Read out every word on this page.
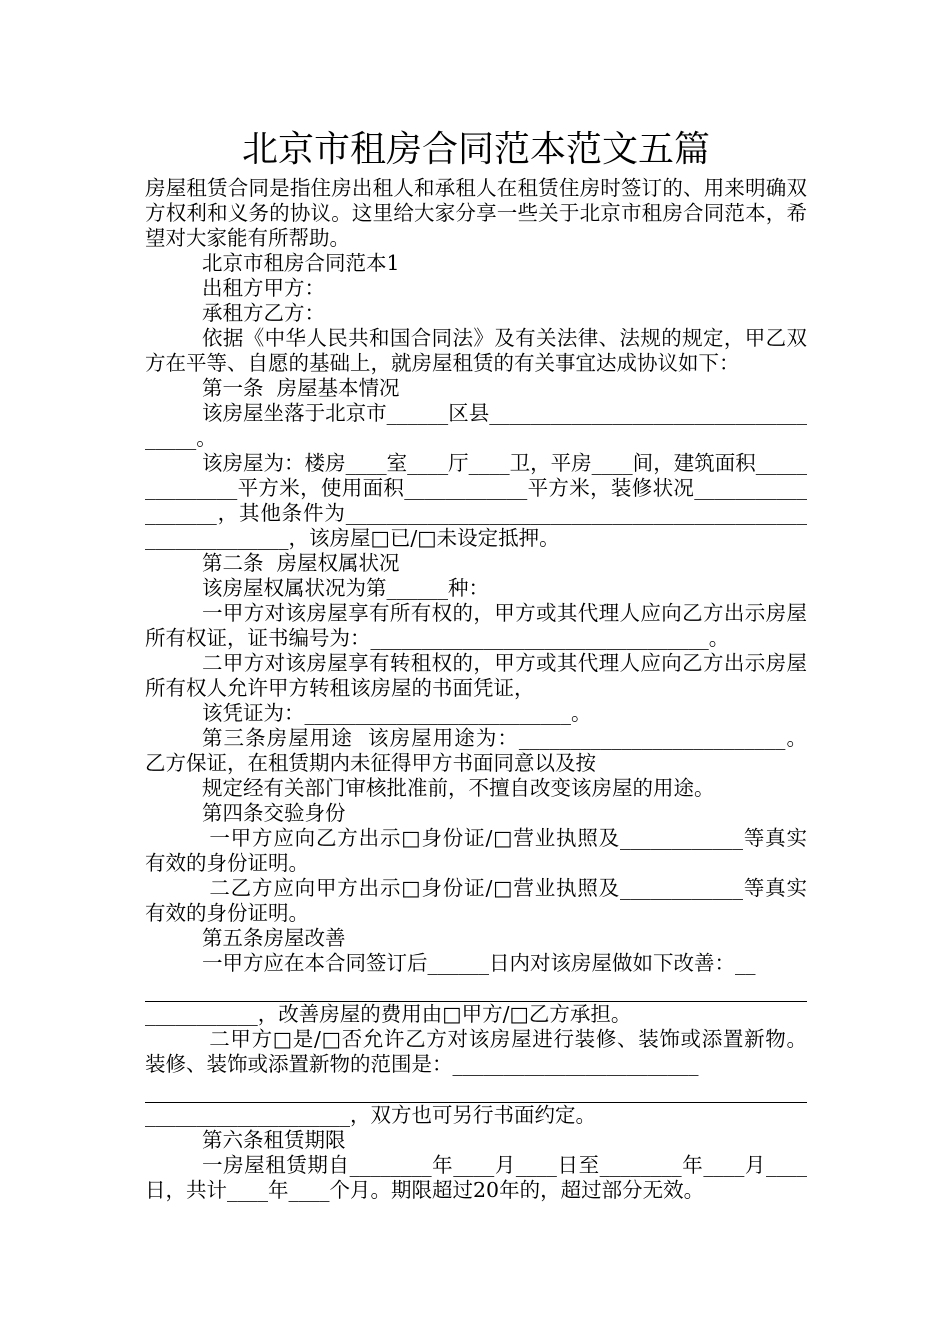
北京市租房合同范本范文五篇

房屋租赁合同是指住房出租人和承租人在租赁住房时签订的、用来明确双方权利和义务的协议。这里给大家分享一些关于北京市租房合同范本，希望对大家能有所帮助。

北京市租房合同范本1

出租方甲方：

承租方乙方：

依据《中华人民共和国合同法》及有关法律、法规的规定，甲乙双方在平等、自愿的基础上，就房屋租赁的有关事宜达成协议如下：

第一条  房屋基本情况

该房屋坐落于北京市______区县____________________________________。

该房屋为：楼房____室____厅____卫，平房____间，建筑面积______________平方米，使用面积____________平方米，装修状况__________________，其他条件为___________________________________________________________，该房屋□已/□未设定抵押。

第二条  房屋权属状况

该房屋权属状况为第______种：

一甲方对该房屋享有所有权的，甲方或其代理人应向乙方出示房屋所有权证，证书编号为：_________________________________。

二甲方对该房屋享有转租权的，甲方或其代理人应向乙方出示房屋所有权人允许甲方转租该房屋的书面凭证，

该凭证为：__________________________。

第三条房屋用途  该房屋用途为：__________________________。乙方保证，在租赁期内未征得甲方书面同意以及按

规定经有关部门审核批准前，不擅自改变该房屋的用途。

第四条交验身份

一甲方应向乙方出示□身份证/□营业执照及____________等真实有效的身份证明。

二乙方应向甲方出示□身份证/□营业执照及____________等真实有效的身份证明。

第五条房屋改善

一甲方应在本合同签订后______日内对该房屋做如下改善：__

___________，改善房屋的费用由□甲方/□乙方承担。

二甲方□是/□否允许乙方对该房屋进行装修、装饰或添置新物。装修、装饰或添置新物的范围是：________________________

____________________，双方也可另行书面约定。

第六条租赁期限

一房屋租赁期自________年____月____日至________年____月____日，共计____年____个月。期限超过20年的，超过部分无效。
